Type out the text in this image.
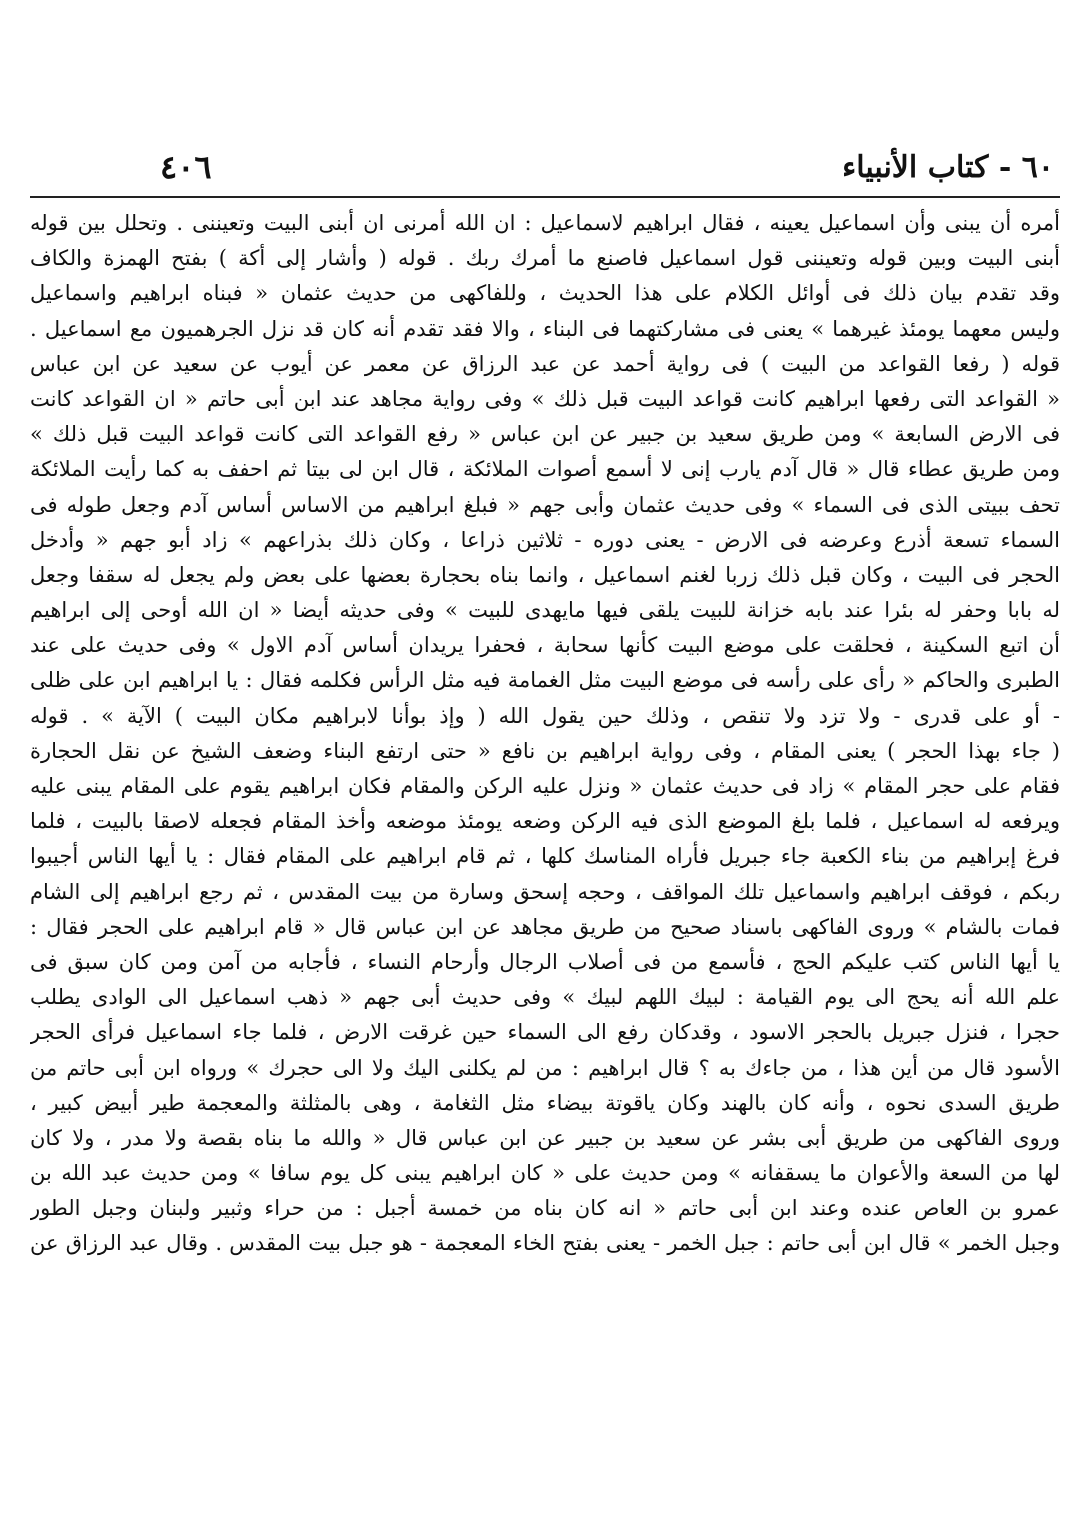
٦٠ - كتاب الأنبياء
٤٠٦
أمره أن يبنى وأن اسماعيل يعينه ، فقال ابراهيم لاسماعيل : ان الله أمرنى ان أبنى البيت وتعيننى . وتحلل بين قوله
أبنى البيت وبين قوله وتعيننى قول اسماعيل فاصنع ما أمرك ربك . قوله ( وأشار إلى أكة ) بفتح الهمزة والكاف
وقد تقدم بيان ذلك فى أوائل الكلام على هذا الحديث ، وللفاكهى من حديث عثمان « فبناه ابراهيم واسماعيل
وليس معهما يومئذ غيرهما » يعنى فى مشاركتهما فى البناء ، والا فقد تقدم أنه كان قد نزل الجرهميون مع اسماعيل .
قوله ( رفعا القواعد من البيت ) فى رواية أحمد عن عبد الرزاق عن معمر عن أيوب عن سعيد عن ابن عباس
« القواعد التى رفعها ابراهيم كانت قواعد البيت قبل ذلك » وفى رواية مجاهد عند ابن أبى حاتم « ان القواعد كانت
فى الارض السابعة » ومن طريق سعيد بن جبير عن ابن عباس « رفع القواعد التى كانت قواعد البيت قبل ذلك »
ومن طريق عطاء قال « قال آدم يارب إنى لا أسمع أصوات الملائكة ، قال ابن لى بيتا ثم احفف به كما رأيت الملائكة
تحف ببيتى الذى فى السماء » وفى حديث عثمان وأبى جهم « فبلغ ابراهيم من الاساس أساس آدم وجعل طوله فى
السماء تسعة أذرع وعرضه فى الارض - يعنى دوره - ثلاثين ذراعا ، وكان ذلك بذراعهم » زاد أبو جهم « وأدخل
الحجر فى البيت ، وكان قبل ذلك زربا لغنم اسماعيل ، وانما بناه بحجارة بعضها على بعض ولم يجعل له سقفا وجعل
له بابا وحفر له بئرا عند بابه خزانة للبيت يلقى فيها مايهدى للبيت » وفى حديثه أيضا « ان الله أوحى إلى ابراهيم
أن اتبع السكينة ، فحلقت على موضع البيت كأنها سحابة ، فحفرا يريدان أساس آدم الاول » وفى حديث على عند
الطبرى والحاكم « رأى على رأسه فى موضع البيت مثل الغمامة فيه مثل الرأس فكلمه فقال : يا ابراهيم ابن على ظلى
- أو على قدرى - ولا تزد ولا تنقص ، وذلك حين يقول الله ( وإذ بوأنا لابراهيم مكان البيت ) الآية » . قوله
( جاء بهذا الحجر ) يعنى المقام ، وفى رواية ابراهيم بن نافع « حتى ارتفع البناء وضعف الشيخ عن نقل الحجارة
فقام على حجر المقام » زاد فى حديث عثمان « ونزل عليه الركن والمقام فكان ابراهيم يقوم على المقام يبنى عليه
ويرفعه له اسماعيل ، فلما بلغ الموضع الذى فيه الركن وضعه يومئذ موضعه وأخذ المقام فجعله لاصقا بالبيت ، فلما
فرغ إبراهيم من بناء الكعبة جاء جبريل فأراه المناسك كلها ، ثم قام ابراهيم على المقام فقال : يا أيها الناس أجيبوا
ربكم ، فوقف ابراهيم واسماعيل تلك المواقف ، وحجه إسحق وسارة من بيت المقدس ، ثم رجع ابراهيم إلى الشام
فمات بالشام » وروى الفاكهى باسناد صحيح من طريق مجاهد عن ابن عباس قال « قام ابراهيم على الحجر فقال :
يا أيها الناس كتب عليكم الحج ، فأسمع من فى أصلاب الرجال وأرحام النساء ، فأجابه من آمن ومن كان سبق فى
علم الله أنه يحج الى يوم القيامة : لبيك اللهم لبيك » وفى حديث أبى جهم « ذهب اسماعيل الى الوادى يطلب
حجرا ، فنزل جبريل بالحجر الاسود ، وقدكان رفع الى السماء حين غرقت الارض ، فلما جاء اسماعيل فرأى الحجر
الأسود قال من أين هذا ، من جاءك به ؟ قال ابراهيم : من لم يكلنى اليك ولا الى حجرك » ورواه ابن أبى حاتم من
طريق السدى نحوه ، وأنه كان بالهند وكان ياقوتة بيضاء مثل الثغامة ، وهى بالمثلثة والمعجمة طير أبيض كبير ،
وروى الفاكهى من طريق أبى بشر عن سعيد بن جبير عن ابن عباس قال « والله ما بناه بقصة ولا مدر ، ولا كان
لها من السعة والأعوان ما يسقفانه » ومن حديث على « كان ابراهيم يبنى كل يوم سافا » ومن حديث عبد الله بن
عمرو بن العاص عنده وعند ابن أبى حاتم « انه كان بناه من خمسة أجبل : من حراء وثبير ولبنان وجبل الطور
وجبل الخمر » قال ابن أبى حاتم : جبل الخمر - يعنى بفتح الخاء المعجمة - هو جبل بيت المقدس . وقال عبد الرزاق عن
